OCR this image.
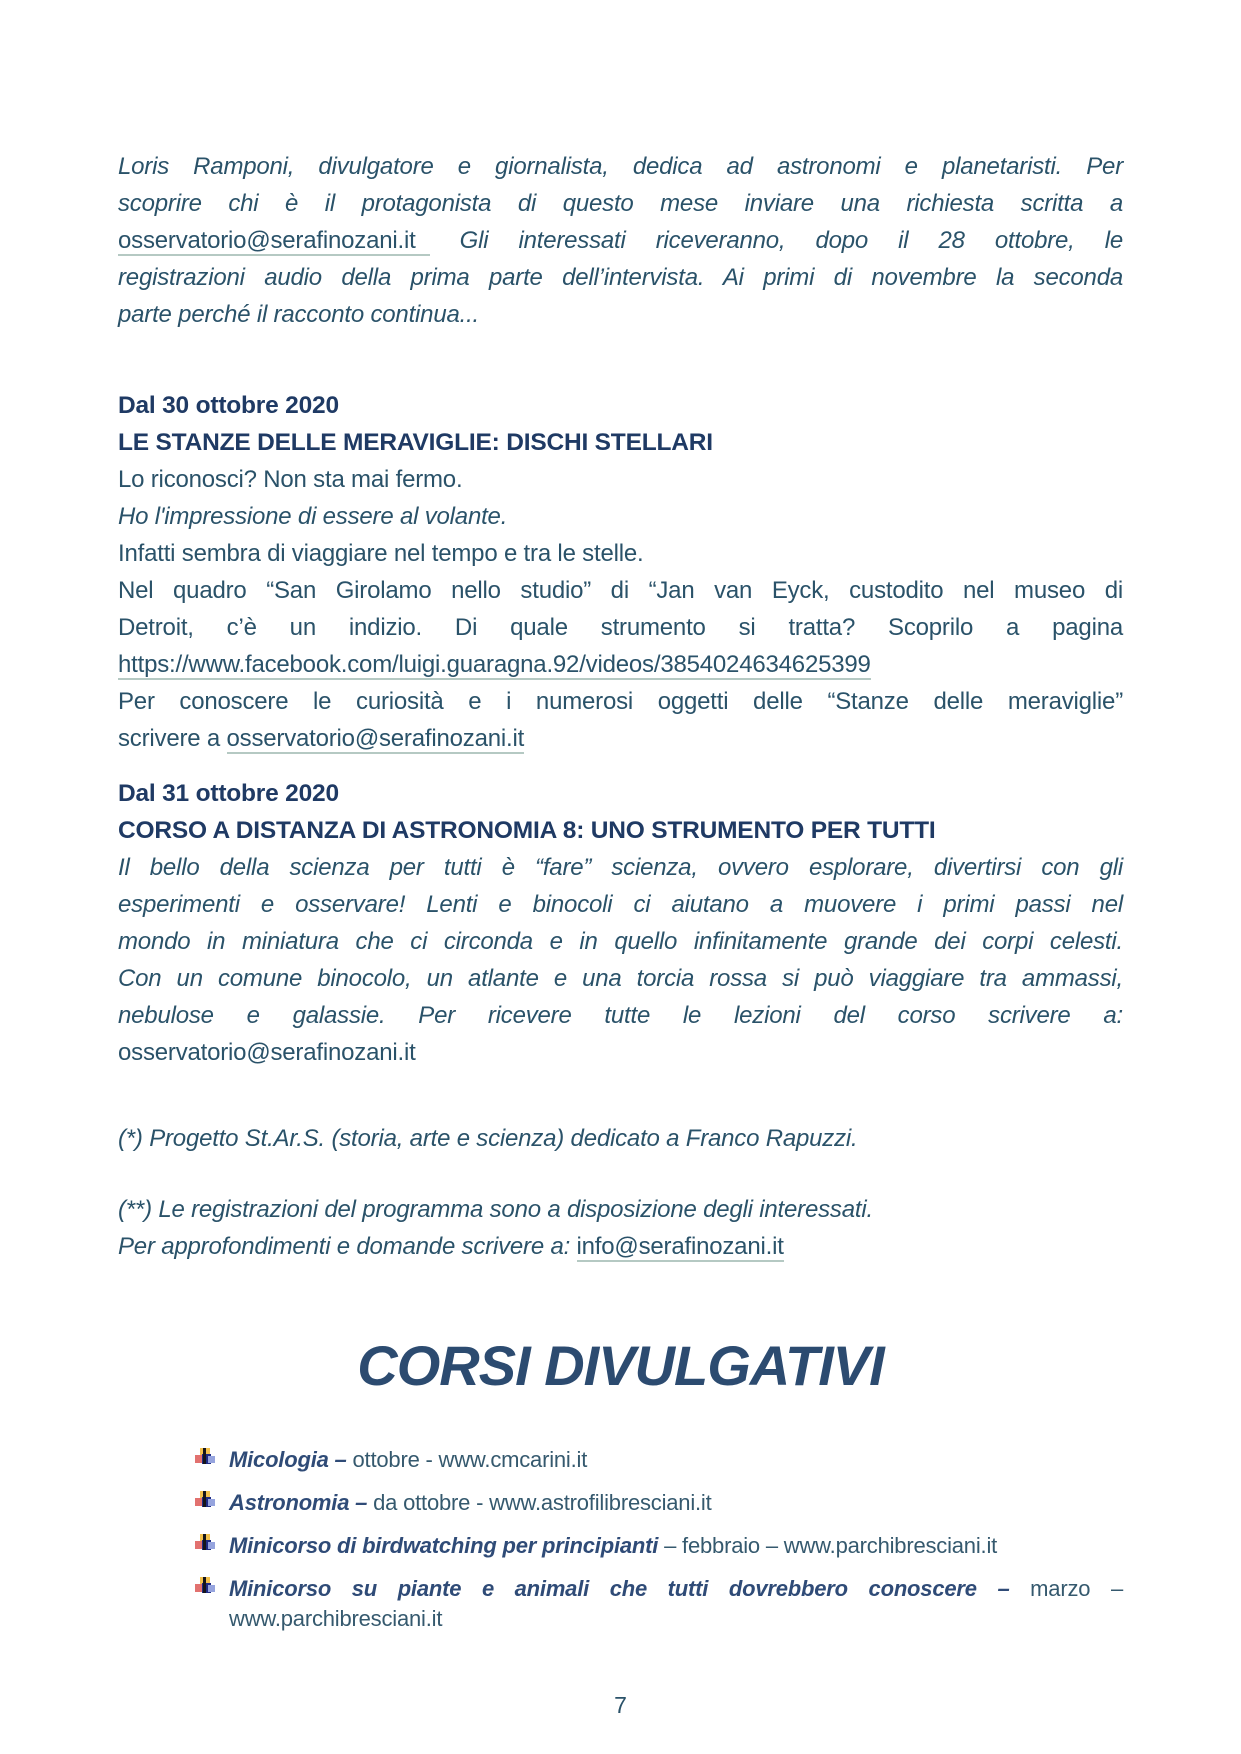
Loris Ramponi, divulgatore e giornalista, dedica ad astronomi e planetaristi. Per
scoprire chi è il protagonista di questo mese inviare una richiesta scritta a
osservatorio@serafinozani.it Gli interessati riceveranno, dopo il 28 ottobre, le
registrazioni audio della prima parte dell’intervista. Ai primi di novembre la seconda
parte perché il racconto continua...
Dal 30 ottobre 2020
LE STANZE DELLE MERAVIGLIE: DISCHI STELLARI
Lo riconosci? Non sta mai fermo.
Ho l'impressione di essere al volante.
Infatti sembra di viaggiare nel tempo e tra le stelle.
Nel quadro “San Girolamo nello studio” di “Jan van Eyck, custodito nel museo di
Detroit, c’è un indizio. Di quale strumento si tratta? Scoprilo a pagina
https://www.facebook.com/luigi.guaragna.92/videos/3854024634625399
Per conoscere le curiosità e i numerosi oggetti delle “Stanze delle meraviglie”
scrivere a osservatorio@serafinozani.it
Dal 31 ottobre 2020
CORSO A DISTANZA DI ASTRONOMIA 8: UNO STRUMENTO PER TUTTI
Il bello della scienza per tutti è “fare” scienza, ovvero esplorare, divertirsi con gli
esperimenti e osservare! Lenti e binocoli ci aiutano a muovere i primi passi nel
mondo in miniatura che ci circonda e in quello infinitamente grande dei corpi celesti.
Con un comune binocolo, un atlante e una torcia rossa si può viaggiare tra ammassi,
nebulose e galassie. Per ricevere tutte le lezioni del corso scrivere a:
osservatorio@serafinozani.it
(*) Progetto St.Ar.S. (storia, arte e scienza) dedicato a Franco Rapuzzi.
(**) Le registrazioni del programma sono a disposizione degli interessati.
Per approfondimenti e domande scrivere a: info@serafinozani.it
CORSI DIVULGATIVI
Micologia – ottobre - www.cmcarini.it
Astronomia – da ottobre - www.astrofilibresciani.it
Minicorso di birdwatching per principianti – febbraio – www.parchibresciani.it
Minicorso su piante e animali che tutti dovrebbero conoscere – marzo –
www.parchibresciani.it
7
